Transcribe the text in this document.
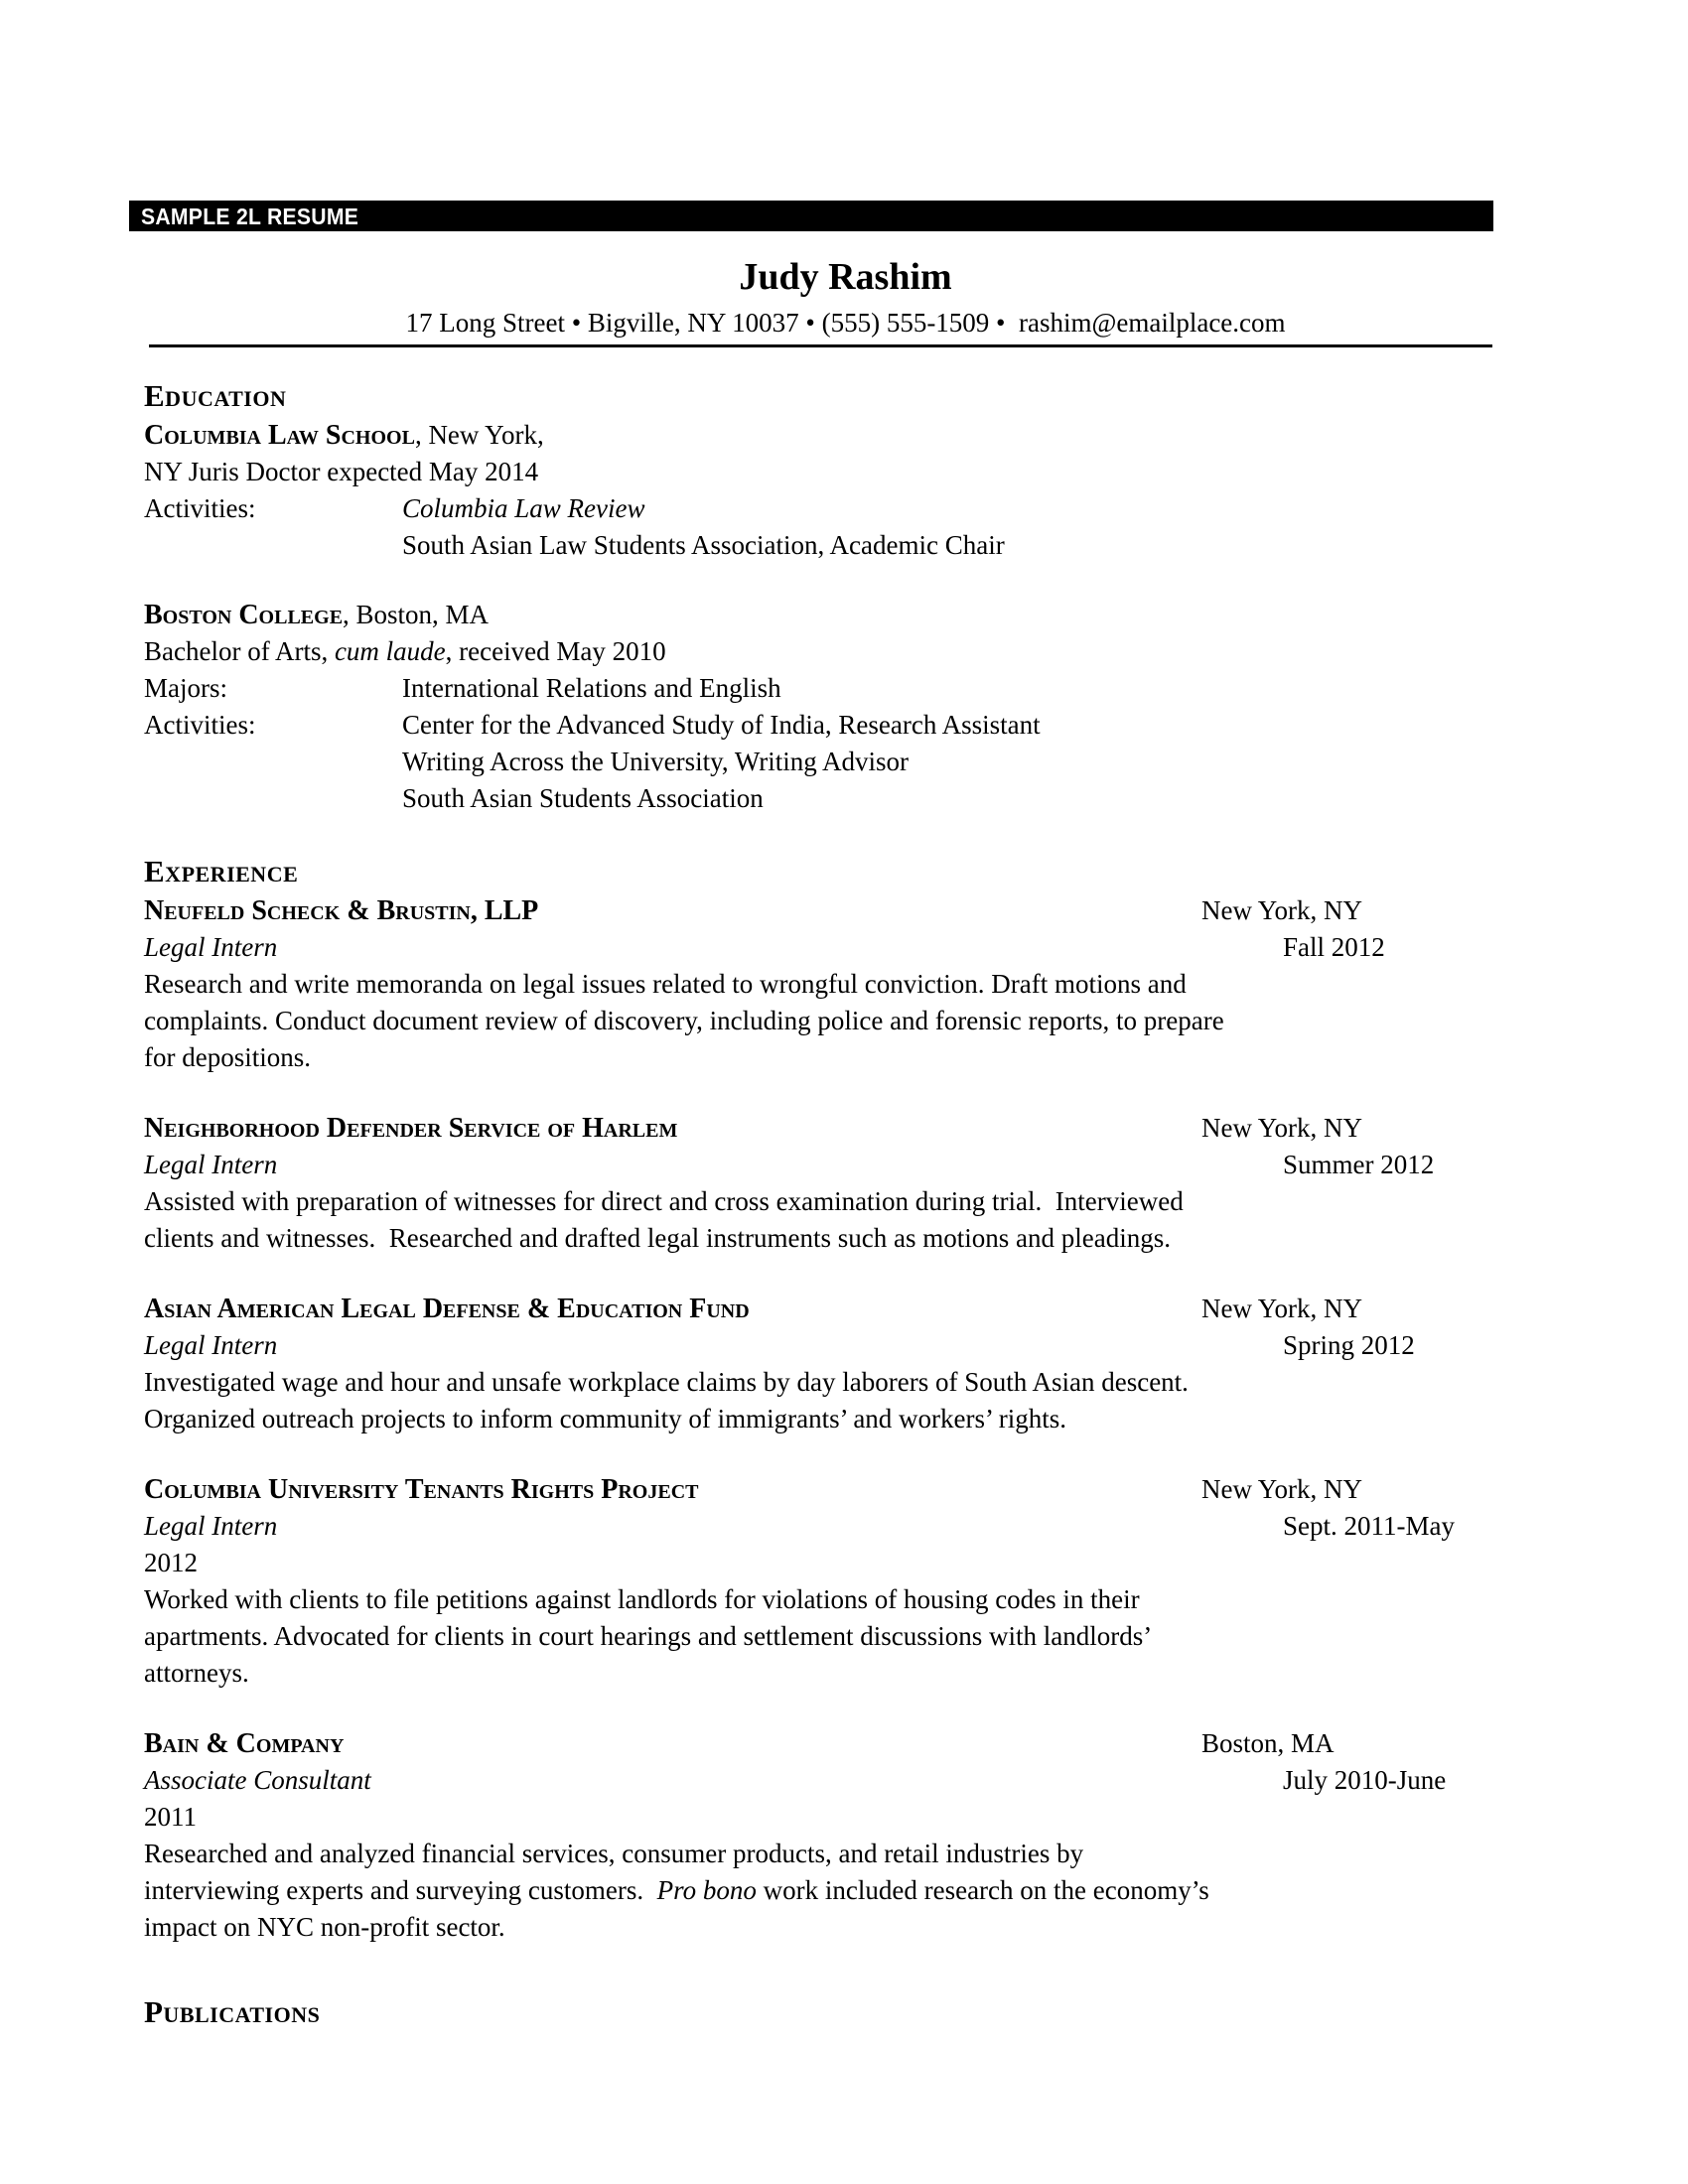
SAMPLE 2L RESUME
Judy Rashim
17 Long Street • Bigville, NY 10037 • (555) 555-1509 •  rashim@emailplace.com
Education
Columbia Law School, New York,
NY Juris Doctor expected May 2014
Activities:	Columbia Law Review
South Asian Law Students Association, Academic Chair
Boston College, Boston, MA
Bachelor of Arts, cum laude, received May 2010
Majors:	International Relations and English
Activities:	Center for the Advanced Study of India, Research Assistant
Writing Across the University, Writing Advisor
South Asian Students Association
Experience
Neufeld Scheck & Brustin, LLP	New York, NY
Legal Intern	Fall 2012
Research and write memoranda on legal issues related to wrongful conviction. Draft motions and
complaints. Conduct document review of discovery, including police and forensic reports, to prepare
for depositions.
Neighborhood Defender Service of Harlem	New York, NY
Legal Intern	Summer 2012
Assisted with preparation of witnesses for direct and cross examination during trial.  Interviewed
clients and witnesses.  Researched and drafted legal instruments such as motions and pleadings.
Asian American Legal Defense & Education Fund	New York, NY
Legal Intern	Spring 2012
Investigated wage and hour and unsafe workplace claims by day laborers of South Asian descent.
Organized outreach projects to inform community of immigrants’ and workers’ rights.
Columbia University Tenants Rights Project	New York, NY
Legal Intern	Sept. 2011-May
2012
Worked with clients to file petitions against landlords for violations of housing codes in their
apartments. Advocated for clients in court hearings and settlement discussions with landlords’
attorneys.
Bain & Company	Boston, MA
Associate Consultant	July 2010-June
2011
Researched and analyzed financial services, consumer products, and retail industries by
interviewing experts and surveying customers.  Pro bono work included research on the economy’s
impact on NYC non-profit sector.
Publications
